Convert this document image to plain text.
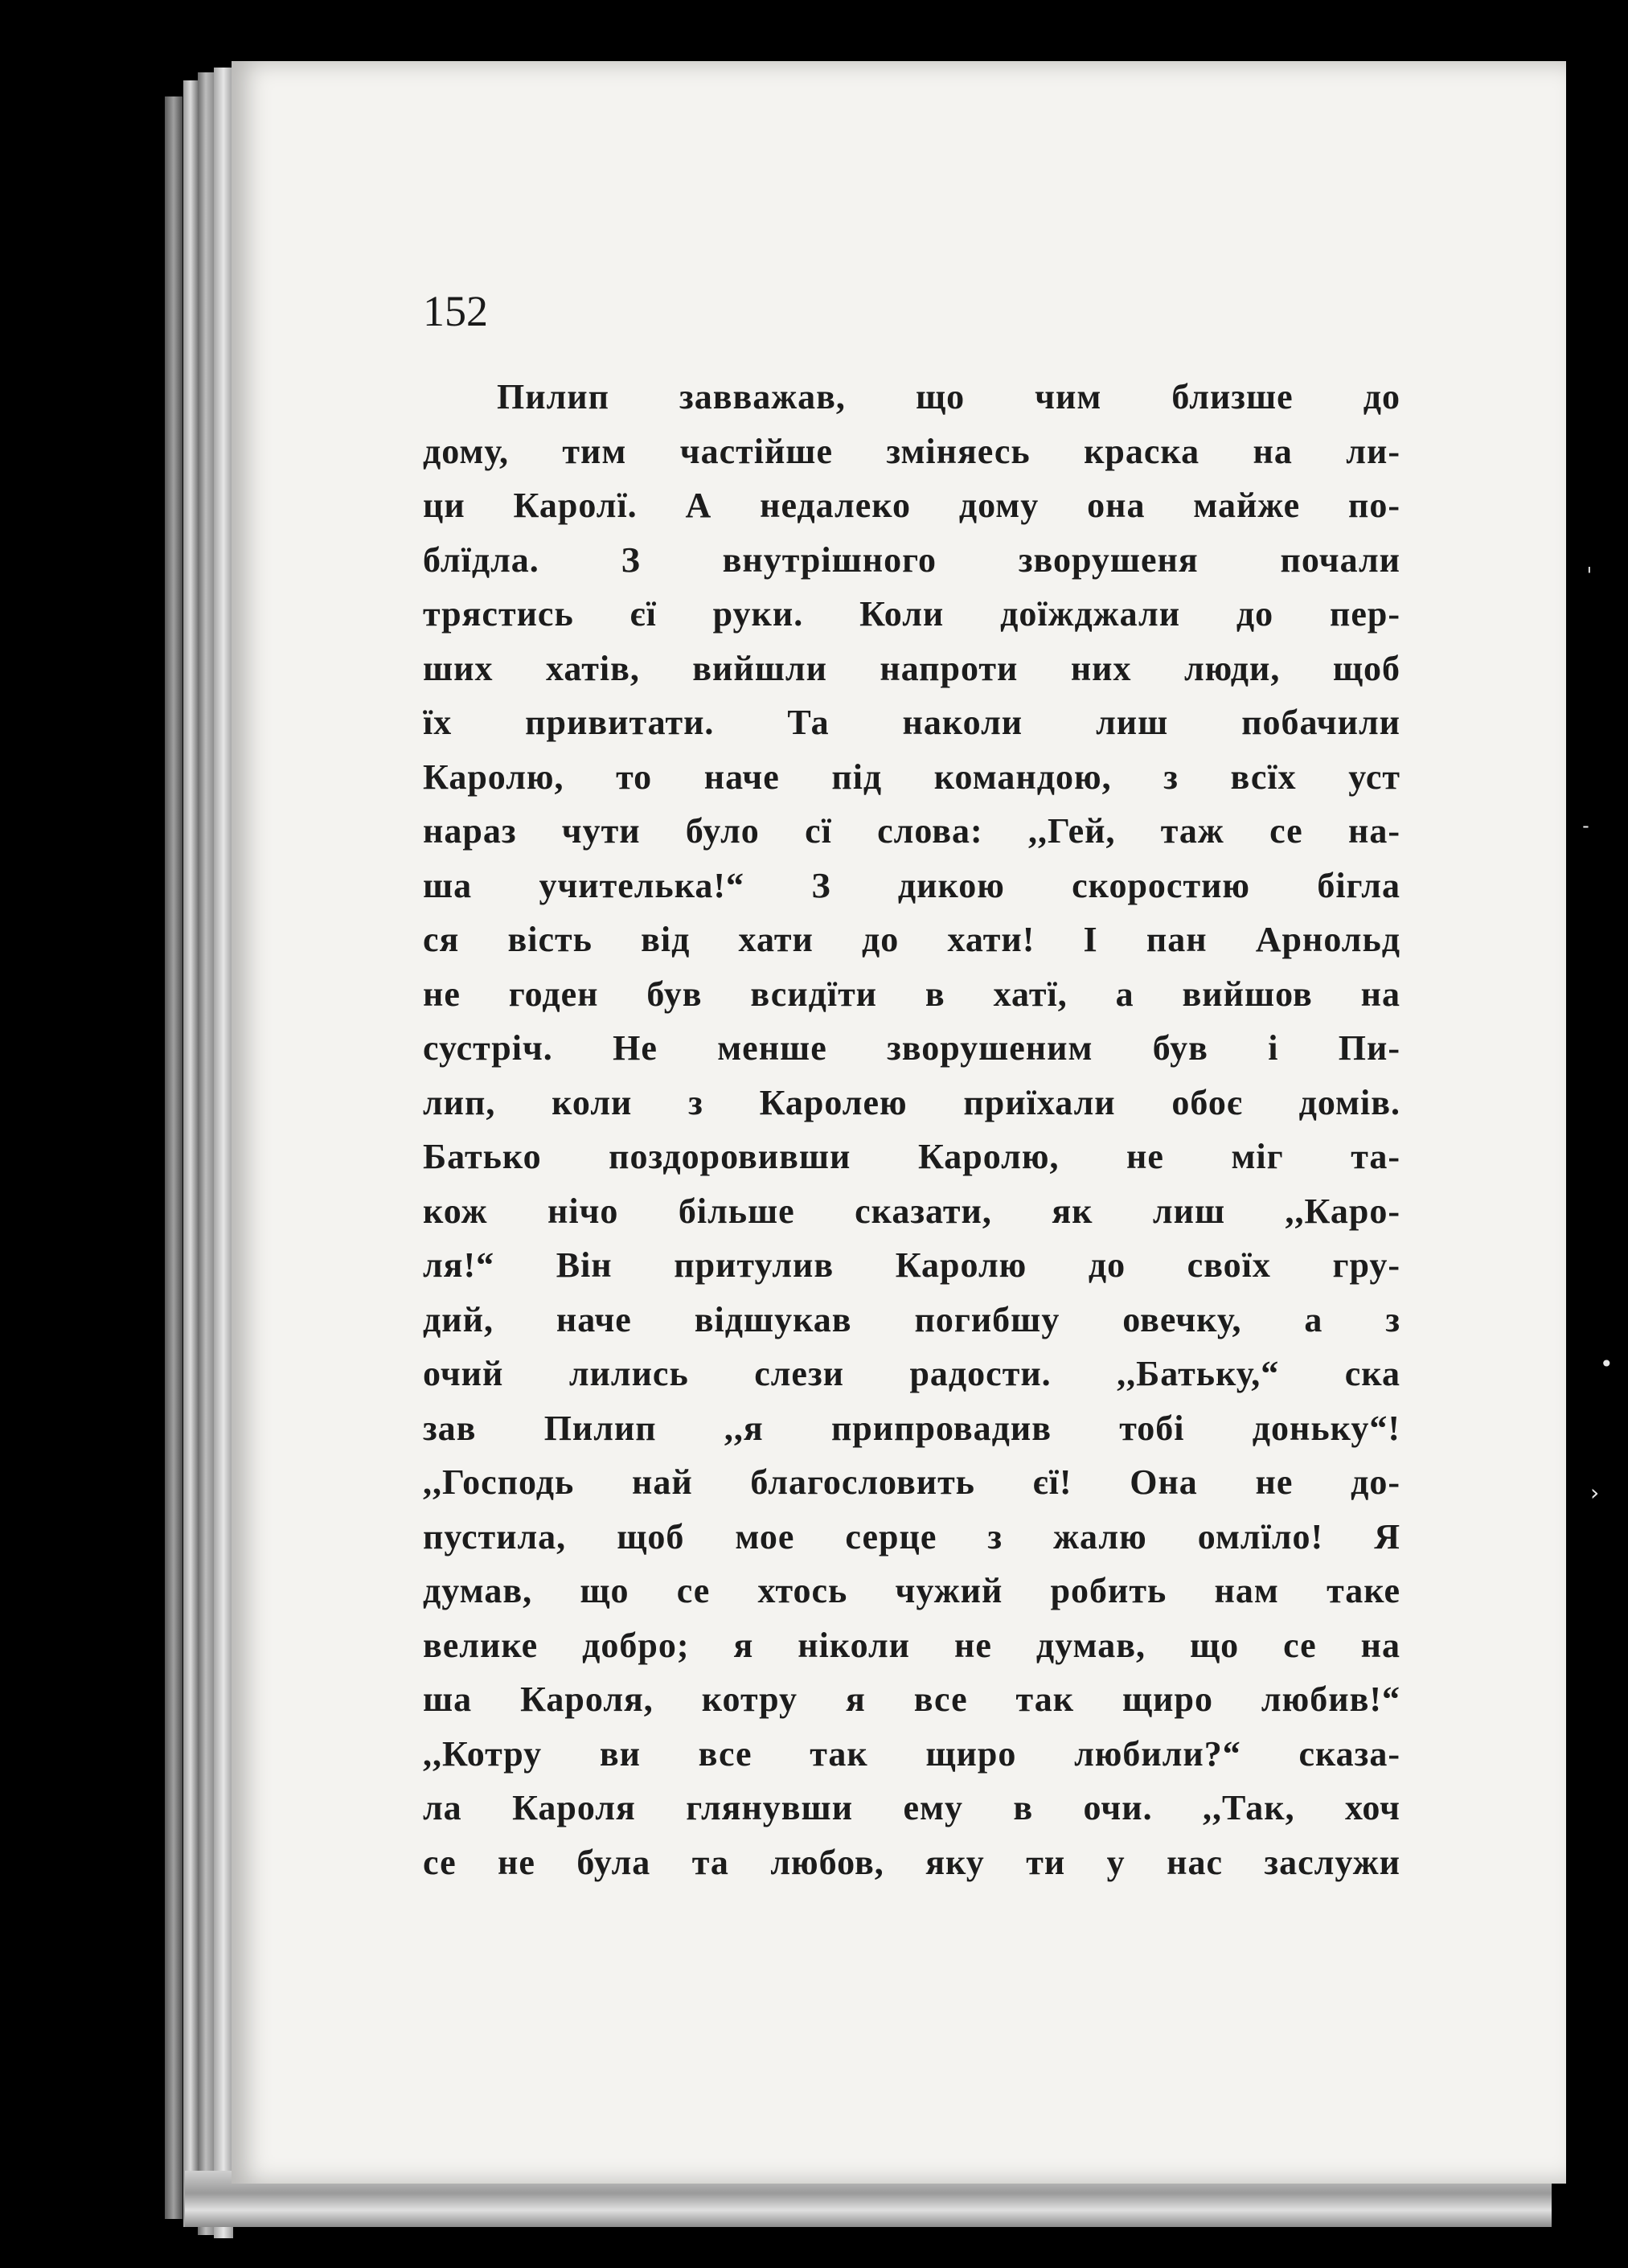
152
Пилип завважав, що чим близше до
дому, тим частійше зміняесь краска на ли-
ци Каролї. А недалеко дому она майже по-
блїдла. З внутрішного зворушеня почали
трястись єї руки. Коли доїжджали до пер-
ших хатів, вийшли напроти них люди, щоб
їх привитати. Та наколи лиш побачили
Каролю, то наче під командою, з всїх уст
нараз чути було сї слова: ,,Гей, таж се на-
ша учителька!“ З дикою скоростию бігла
ся вість від хати до хати! І пан Арнольд
не годен був всидїти в хатї, а вийшов на
сустріч. Не менше зворушеним був і Пи-
лип, коли з Каролею приїхали обоє домів.
Батько поздоровивши Каролю, не міг та-
кож нічо більше сказати, як лиш ,,Каро-
ля!“ Він притулив Каролю до своїх гру-
дий, наче відшукав погибшу овечку, а з
очий лились слези радости. ,,Батьку,“ ска
зав Пилип ,,я припровадив тобі доньку“!
,,Господь най благословить єї! Она не до-
пустила, щоб мое серце з жалю омлїло! Я
думав, що се хтось чужий робить нам таке
велике добро; я ніколи не думав, що се на
ша Кароля, котру я все так щиро любив!“
,,Котру ви все так щиро любили?“ сказа-
ла Кароля глянувши ему в очи. ,,Так, хоч
се не була та любов, яку ти у нас заслужи
ˈ
˗
•
›
